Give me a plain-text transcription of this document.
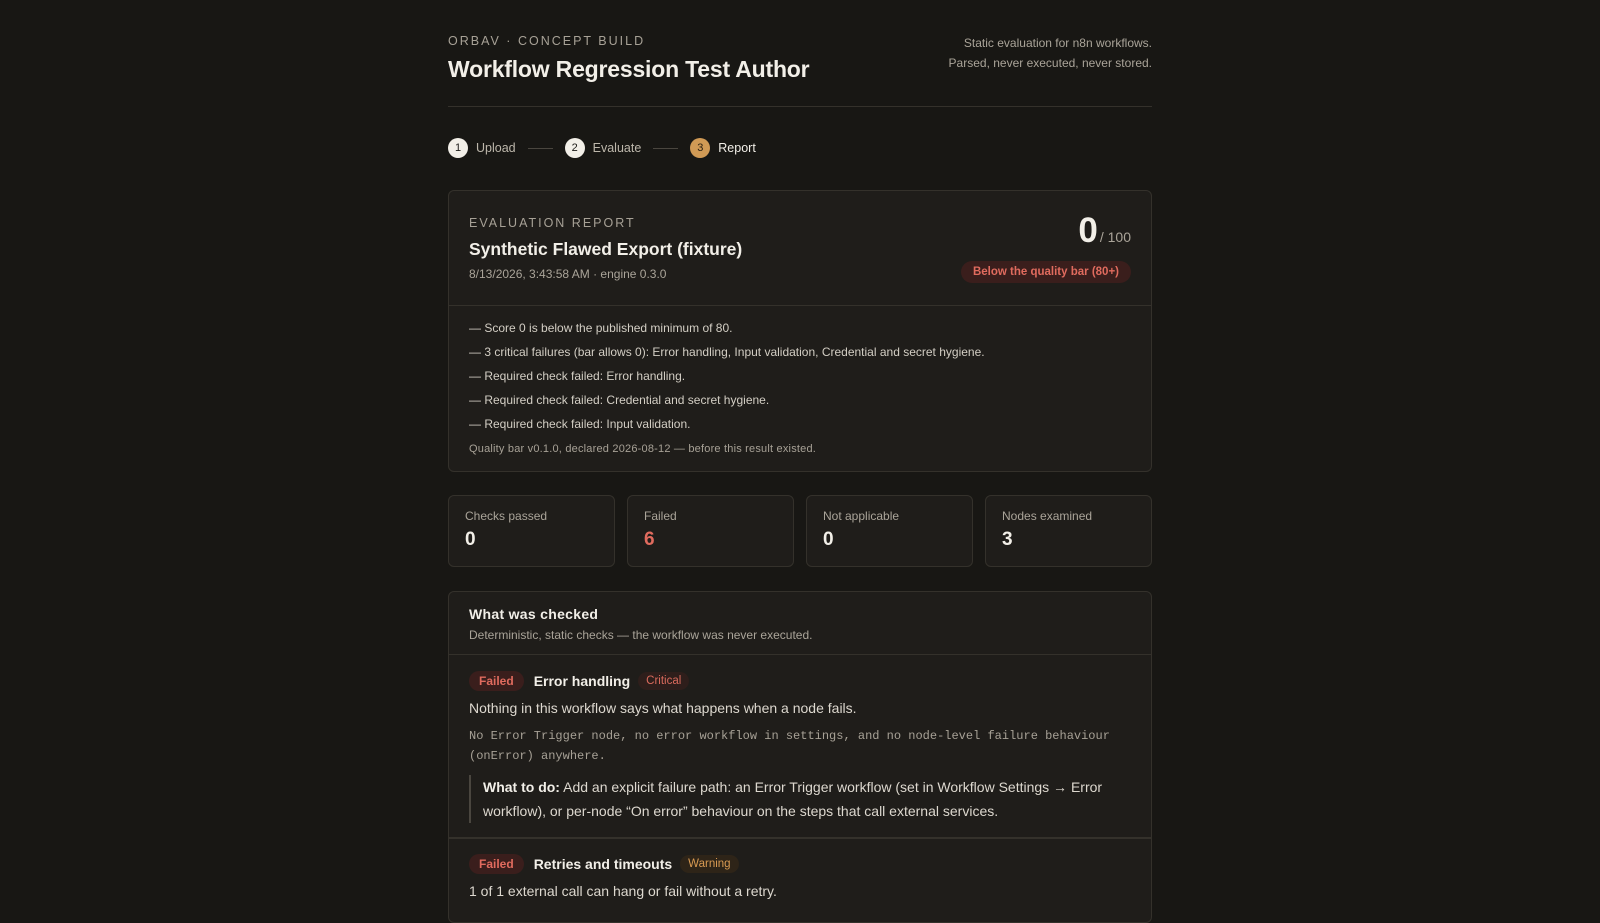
ORBAV · CONCEPT BUILD
Workflow Regression Test Author
Static evaluation for n8n workflows.
Parsed, never executed, never stored.
1	Upload	2	Evaluate	3	Report
EVALUATION REPORT
Synthetic Flawed Export (fixture)
8/13/2026, 3:43:58 AM · engine 0.3.0
0 / 100
Below the quality bar (80+)
— Score 0 is below the published minimum of 80.
— 3 critical failures (bar allows 0): Error handling, Input validation, Credential and secret hygiene.
— Required check failed: Error handling.
— Required check failed: Credential and secret hygiene.
— Required check failed: Input validation.
Quality bar v0.1.0, declared 2026-08-12 — before this result existed.
Checks passed
0
Failed
6
Not applicable
0
Nodes examined
3
What was checked
Deterministic, static checks — the workflow was never executed.
Failed	Error handling	Critical
Nothing in this workflow says what happens when a node fails.
No Error Trigger node, no error workflow in settings, and no node-level failure behaviour (onError) anywhere.
What to do: Add an explicit failure path: an Error Trigger workflow (set in Workflow Settings → Error workflow), or per-node “On error” behaviour on the steps that call external services.
Failed	Retries and timeouts	Warning
1 of 1 external call can hang or fail without a retry.
